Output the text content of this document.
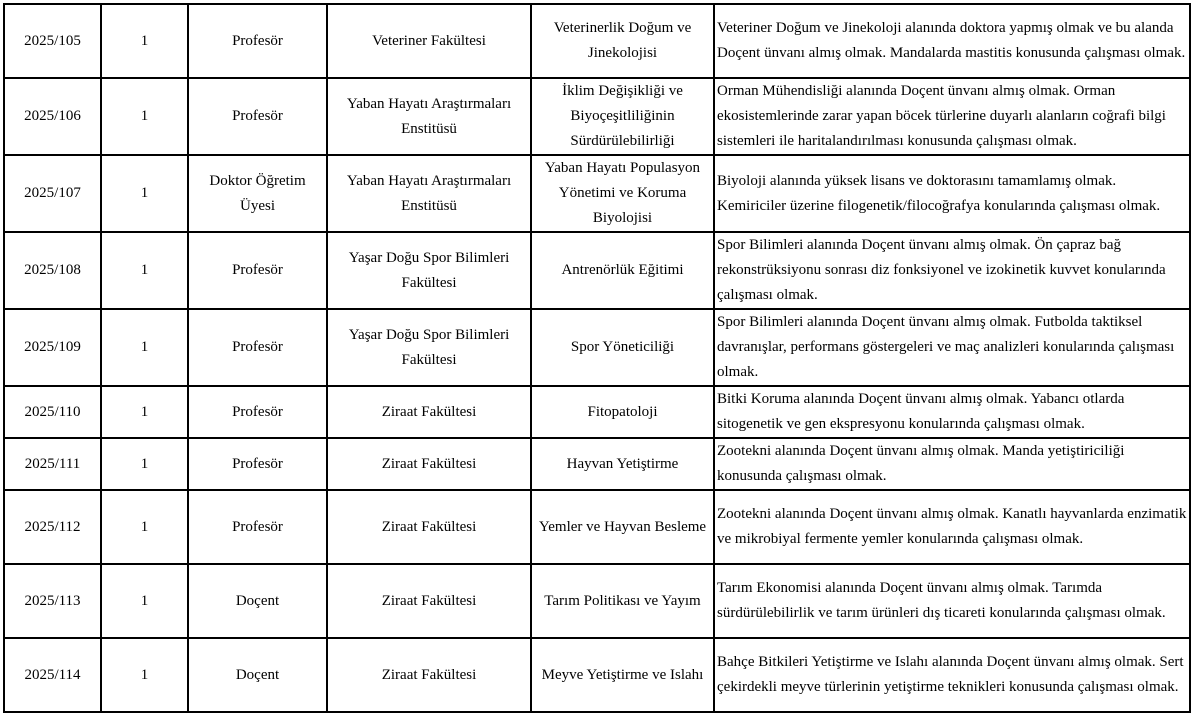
2025/105	1	Profesör	Veteriner Fakültesi	Veterinerlik Doğum ve Jinekolojisi	Veteriner Doğum ve Jinekoloji alanında doktora yapmış olmak ve bu alanda Doçent ünvanı almış olmak. Mandalarda mastitis konusunda çalışması olmak.
2025/106	1	Profesör	Yaban Hayatı Araştırmaları Enstitüsü	İklim Değişikliği ve Biyoçeşitliliğinin Sürdürülebilirliği	Orman Mühendisliği alanında Doçent ünvanı almış olmak. Orman ekosistemlerinde zarar yapan böcek türlerine duyarlı alanların coğrafi bilgi sistemleri ile haritalandırılması konusunda çalışması olmak.
2025/107	1	Doktor Öğretim Üyesi	Yaban Hayatı Araştırmaları Enstitüsü	Yaban Hayatı Populasyon Yönetimi ve Koruma Biyolojisi	Biyoloji alanında yüksek lisans ve doktorasını tamamlamış olmak. Kemiriciler üzerine filogenetik/filocoğrafya konularında çalışması olmak.
2025/108	1	Profesör	Yaşar Doğu Spor Bilimleri Fakültesi	Antrenörlük Eğitimi	Spor Bilimleri alanında Doçent ünvanı almış olmak. Ön çapraz bağ rekonstrüksiyonu sonrası diz fonksiyonel ve izokinetik kuvvet konularında çalışması olmak.
2025/109	1	Profesör	Yaşar Doğu Spor Bilimleri Fakültesi	Spor Yöneticiliği	Spor Bilimleri alanında Doçent ünvanı almış olmak. Futbolda taktiksel davranışlar, performans göstergeleri ve maç analizleri konularında çalışması olmak.
2025/110	1	Profesör	Ziraat Fakültesi	Fitopatoloji	Bitki Koruma alanında Doçent ünvanı almış olmak. Yabancı otlarda sitogenetik ve gen ekspresyonu konularında çalışması olmak.
2025/111	1	Profesör	Ziraat Fakültesi	Hayvan Yetiştirme	Zootekni alanında Doçent ünvanı almış olmak. Manda yetiştiriciliği konusunda çalışması olmak.
2025/112	1	Profesör	Ziraat Fakültesi	Yemler ve Hayvan Besleme	Zootekni alanında Doçent ünvanı almış olmak. Kanatlı hayvanlarda enzimatik ve mikrobiyal fermente yemler konularında çalışması olmak.
2025/113	1	Doçent	Ziraat Fakültesi	Tarım Politikası ve Yayım	Tarım Ekonomisi alanında Doçent ünvanı almış olmak. Tarımda sürdürülebilirlik ve tarım ürünleri dış ticareti konularında çalışması olmak.
2025/114	1	Doçent	Ziraat Fakültesi	Meyve Yetiştirme ve Islahı	Bahçe Bitkileri Yetiştirme ve Islahı alanında Doçent ünvanı almış olmak. Sert çekirdekli meyve türlerinin yetiştirme teknikleri konusunda çalışması olmak.
